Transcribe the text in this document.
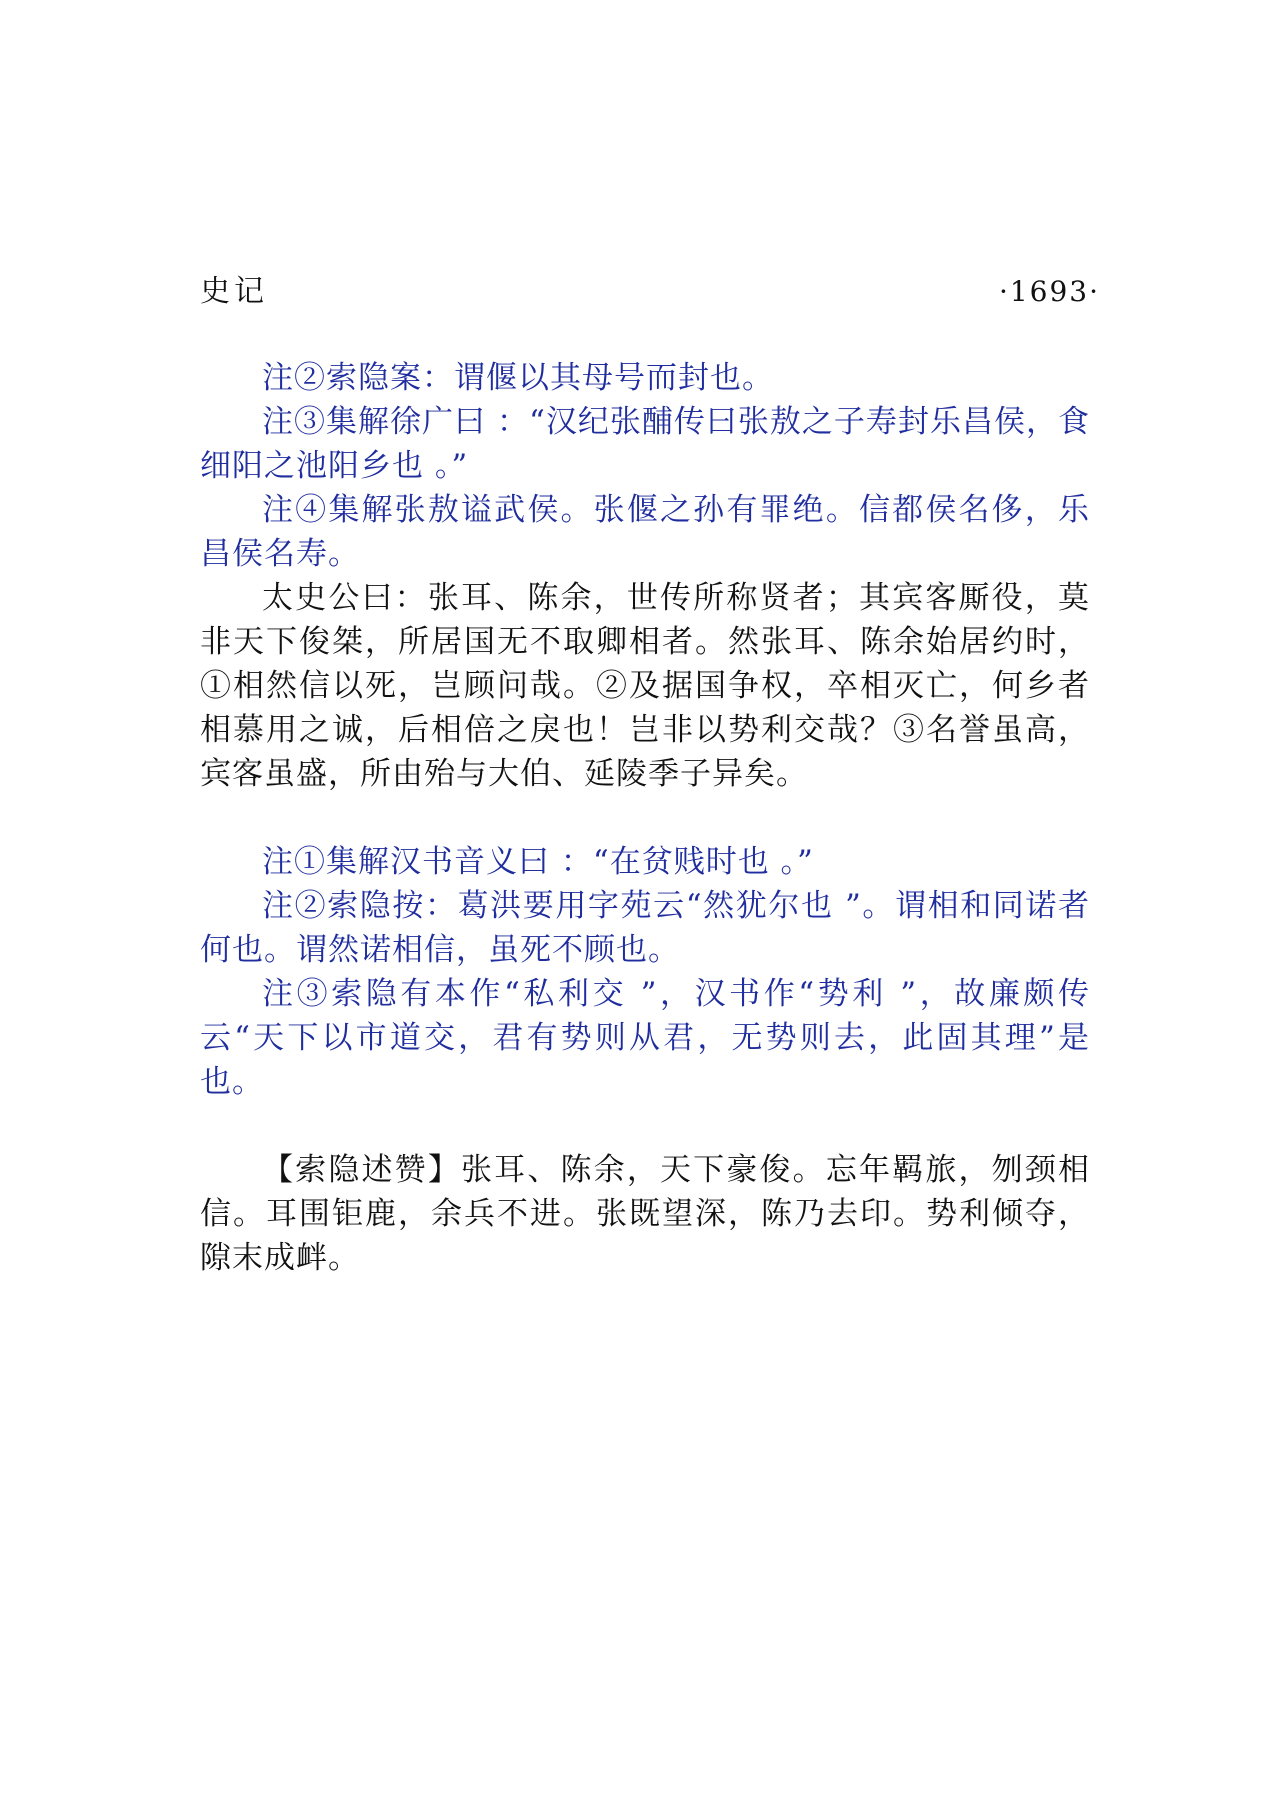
史记	·1693·

注②索隐案：谓偃以其母号而封也。

注③集解徐广曰 ：“汉纪张酺传曰张敖之子寿封乐昌侯，食细阳之池阳乡也 。”

注④集解张敖谥武侯。张偃之孙有罪绝。信都侯名侈，乐昌侯名寿。

太史公曰：张耳、陈余，世传所称贤者；其宾客厮役，莫非天下俊桀，所居国无不取卿相者。然张耳、陈余始居约时，①相然信以死，岂顾问哉。②及据国争权，卒相灭亡，何乡者相慕用之诚，后相倍之戾也！岂非以势利交哉？③名誉虽高，宾客虽盛，所由殆与大伯、延陵季子异矣。

注①集解汉书音义曰 ：“在贫贱时也 。”

注②索隐按：葛洪要用字苑云“然犹尔也 ”。谓相和同诺者何也。谓然诺相信，虽死不顾也。

注③索隐有本作“私利交 ”，汉书作“势利 ”，故廉颇传云“天下以市道交，君有势则从君，无势则去，此固其理”是也。

【索隐述赞】张耳、陈余，天下豪俊。忘年羁旅，刎颈相信。耳围钜鹿，余兵不进。张既望深，陈乃去印。势利倾夺，隙末成衅。
